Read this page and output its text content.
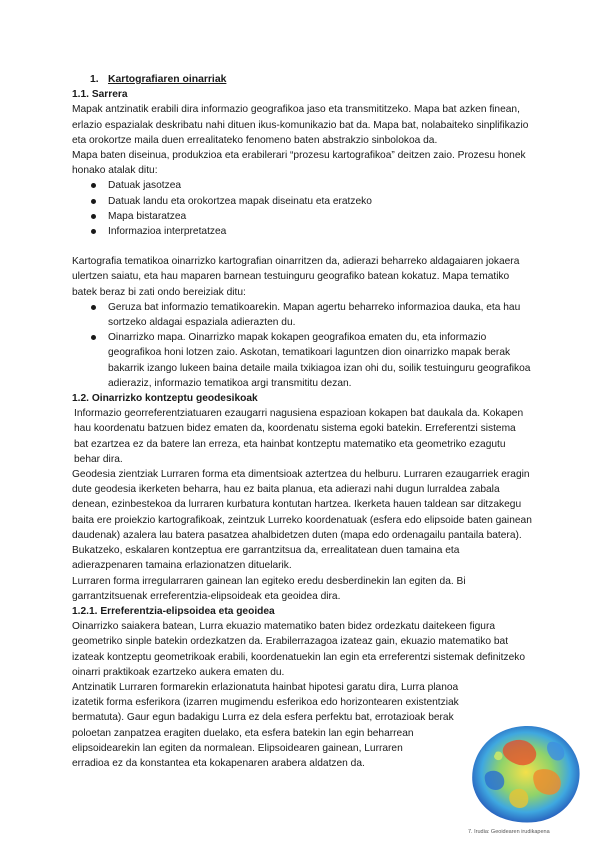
1. Kartografiaren oinarriak

1.1. Sarrera

Mapak antzinatik erabili dira informazio geografikoa jaso eta transmititzeko. Mapa bat azken finean, erlazio espazialak deskribatu nahi dituen ikus-komunikazio bat da. Mapa bat, nolabaiteko sinplifikazio eta orokortze maila duen errealitateko fenomeno baten abstrakzio sinbolokoa da.

Mapa baten diseinua, produkzioa eta erabilerari “prozesu kartografikoa” deitzen zaio. Prozesu honek honako atalak ditu:

Datuak jasotzea
Datuak landu eta orokortzea mapak diseinatu eta eratzeko
Mapa bistaratzea
Informazioa interpretatzea

Kartografia tematikoa oinarrizko kartografian oinarritzen da, adierazi beharreko aldagaiaren jokaera ulertzen saiatu, eta hau maparen barnean testuinguru geografiko batean kokatuz. Mapa tematiko batek beraz bi zati ondo bereiziak ditu:

Geruza bat informazio tematikoarekin. Mapan agertu beharreko informazioa dauka, eta hau sortzeko aldagai espaziala adierazten du.
Oinarrizko mapa. Oinarrizko mapak kokapen geografikoa ematen du, eta informazio geografikoa honi lotzen zaio. Askotan, tematikoari laguntzen dion oinarrizko mapak berak bakarrik izango lukeen baina detaile maila txikiagoa izan ohi du, soilik testuinguru geografikoa adieraziz, informazio tematikoa argi transmititu dezan.

1.2. Oinarrizko kontzeptu geodesikoak

Informazio georreferentziatuaren ezaugarri nagusiena espazioan kokapen bat daukala da. Kokapen hau koordenatu batzuen bidez ematen da, koordenatu sistema egoki batekin. Erreferentzi sistema bat ezartzea ez da batere lan erreza, eta hainbat kontzeptu matematiko eta geometriko ezagutu behar dira.

Geodesia zientziak Lurraren forma eta dimentsioak aztertzea du helburu. Lurraren ezaugarriek eragin dute geodesia ikerketen beharra, hau ez baita planua, eta adierazi nahi dugun lurraldea zabala denean, ezinbestekoa da lurraren kurbatura kontutan hartzea. Ikerketa hauen taldean sar ditzakegu baita ere proiekzio kartografikoak, zeintzuk Lurreko koordenatuak (esfera edo elipsoide baten gainean daudenak) azalera lau batera pasatzea ahalbidetzen duten (mapa edo ordenagailu pantaila batera). Bukatzeko, eskalaren kontzeptua ere garrantzitsua da, errealitatean duen tamaina eta adierazpenaren tamaina erlazionatzen dituelarik.

Lurraren forma irregularraren gainean lan egiteko eredu desberdinekin lan egiten da. Bi garrantzitsuenak erreferentzia-elipsoideak eta geoidea dira.

1.2.1. Erreferentzia-elipsoidea eta geoidea

Oinarrizko saiakera batean, Lurra ekuazio matematiko baten bidez ordezkatu daitekeen figura geometriko sinple batekin ordezkatzen da. Erabilerrazagoa izateaz gain, ekuazio matematiko bat izateak kontzeptu geometrikoak erabili, koordenatuekin lan egin eta erreferentzi sistemak definitzeko oinarri praktikoak ezartzeko aukera ematen du.

Antzinatik Lurraren formarekin erlazionatuta hainbat hipotesi garatu dira, Lurra planoa
izatetik forma esferikora (izarren mugimendu esferikoa edo horizontearen existentziak
bermatuta). Gaur egun badakigu Lurra ez dela esfera perfektu bat, errotazioak berak
poloetan zanpatzea eragiten duelako, eta esfera batekin lan egin beharrean
elipsoidearekin lan egiten da normalean. Elipsoidearen gainean, Lurraren
erradioa ez da konstantea eta kokapenaren arabera aldatzen da.

7. Irudia: Geoidearen irudikapena
